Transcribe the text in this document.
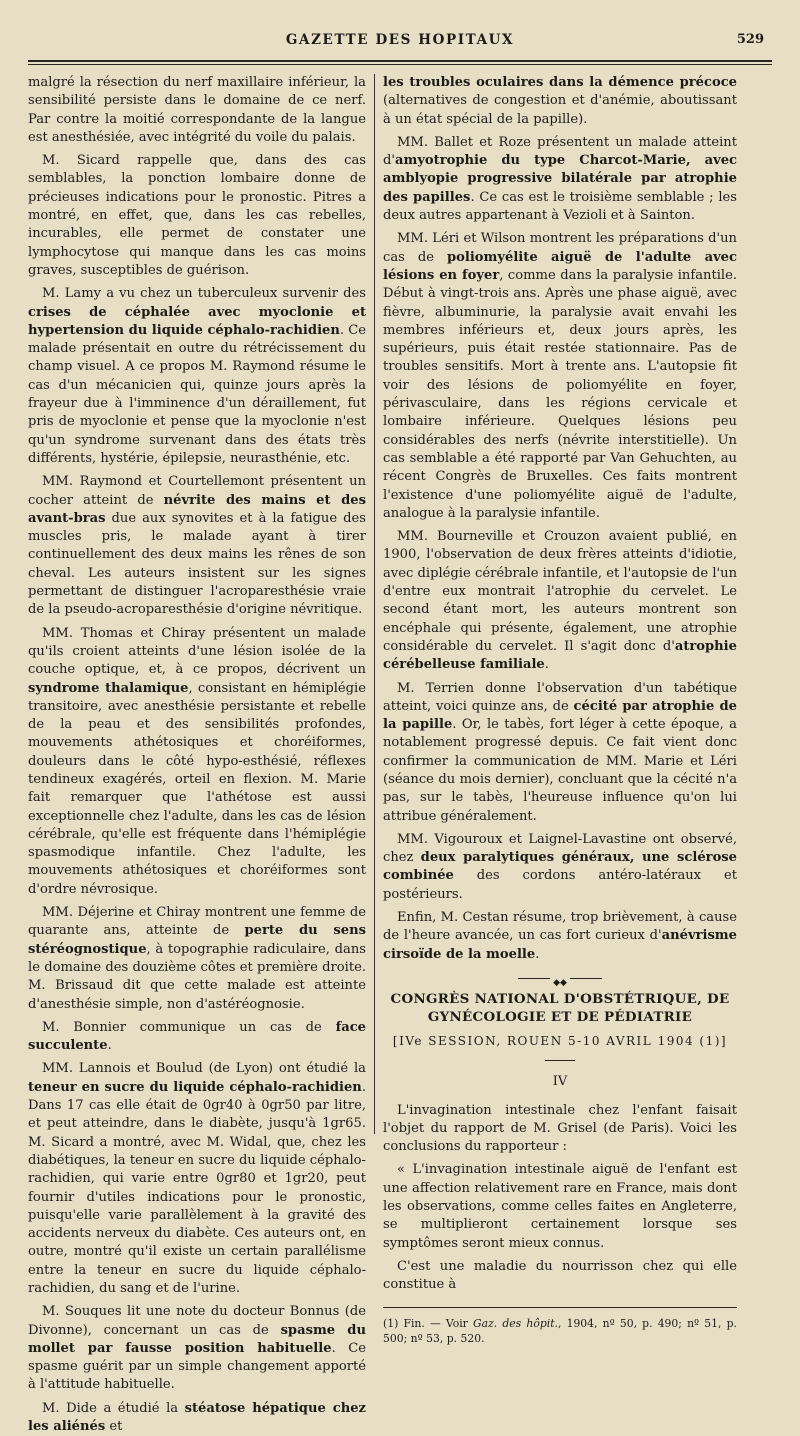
GAZETTE DES HOPITAUX	529

malgré la résection du nerf maxillaire inférieur, la sensibilité persiste dans le domaine de ce nerf. Par contre la moitié correspondante de la langue est anesthésiée, avec intégrité du voile du palais.

M. Sicard rappelle que, dans des cas semblables, la ponction lombaire donne de précieuses indications pour le pronostic. Pitres a montré, en effet, que, dans les cas rebelles, incurables, elle permet de constater une lymphocytose qui manque dans les cas moins graves, susceptibles de guérison.

M. Lamy a vu chez un tuberculeux survenir des crises de céphalée avec myoclonie et hypertension du liquide céphalo-rachidien. Ce malade présentait en outre du rétrécissement du champ visuel. A ce propos M. Raymond résume le cas d'un mécanicien qui, quinze jours après la frayeur due à l'imminence d'un déraillement, fut pris de myoclonie et pense que la myoclonie n'est qu'un syndrome survenant dans des états très différents, hystérie, épilepsie, neurasthénie, etc.

MM. Raymond et Courtellemont présentent un cocher atteint de névrite des mains et des avant-bras due aux synovites et à la fatigue des muscles pris, le malade ayant à tirer continuellement des deux mains les rênes de son cheval. Les auteurs insistent sur les signes permettant de distinguer l'acroparesthésie vraie de la pseudo-acroparesthésie d'origine névritique.

MM. Thomas et Chiray présentent un malade qu'ils croient atteints d'une lésion isolée de la couche optique, et, à ce propos, décrivent un syndrome thalamique, consistant en hémiplégie transitoire, avec anesthésie persistante et rebelle de la peau et des sensibilités profondes, mouvements athétosiques et choréiformes, douleurs dans le côté hypo-esthésié, réflexes tendineux exagérés, orteil en flexion. M. Marie fait remarquer que l'athétose est aussi exceptionnelle chez l'adulte, dans les cas de lésion cérébrale, qu'elle est fréquente dans l'hémiplégie spasmodique infantile. Chez l'adulte, les mouvements athétosiques et choréiformes sont d'ordre névrosique.

MM. Déjerine et Chiray montrent une femme de quarante ans, atteinte de perte du sens stéréognostique, à topographie radiculaire, dans le domaine des douzième côtes et première droite. M. Brissaud dit que cette malade est atteinte d'anesthésie simple, non d'astéréognosie.

M. Bonnier communique un cas de face succulente.

MM. Lannois et Boulud (de Lyon) ont étudié la teneur en sucre du liquide céphalo-rachidien. Dans 17 cas elle était de 0gr40 à 0gr50 par litre, et peut atteindre, dans le diabète, jusqu'à 1gr65. M. Sicard a montré, avec M. Widal, que, chez les diabétiques, la teneur en sucre du liquide céphalo-rachidien, qui varie entre 0gr80 et 1gr20, peut fournir d'utiles indications pour le pronostic, puisqu'elle varie parallèlement à la gravité des accidents nerveux du diabète. Ces auteurs ont, en outre, montré qu'il existe un certain parallélisme entre la teneur en sucre du liquide céphalo-rachidien, du sang et de l'urine.

M. Souques lit une note du docteur Bonnus (de Divonne), concernant un cas de spasme du mollet par fausse position habituelle. Ce spasme guérit par un simple changement apporté à l'attitude habituelle.

M. Dide a étudié la stéatose hépatique chez les aliénés et

les troubles oculaires dans la démence précoce (alternatives de congestion et d'anémie, aboutissant à un état spécial de la papille).

MM. Ballet et Roze présentent un malade atteint d'amyotrophie du type Charcot-Marie, avec amblyopie progressive bilatérale par atrophie des papilles. Ce cas est le troisième semblable ; les deux autres appartenant à Vezioli et à Sainton.

MM. Léri et Wilson montrent les préparations d'un cas de poliomyélite aiguë de l'adulte avec lésions en foyer, comme dans la paralysie infantile. Début à vingt-trois ans. Après une phase aiguë, avec fièvre, albuminurie, la paralysie avait envahi les membres inférieurs et, deux jours après, les supérieurs, puis était restée stationnaire. Pas de troubles sensitifs. Mort à trente ans. L'autopsie fit voir des lésions de poliomyélite en foyer, périvasculaire, dans les régions cervicale et lombaire inférieure. Quelques lésions peu considérables des nerfs (névrite interstitielle). Un cas semblable a été rapporté par Van Gehuchten, au récent Congrès de Bruxelles. Ces faits montrent l'existence d'une poliomyélite aiguë de l'adulte, analogue à la paralysie infantile.

MM. Bourneville et Crouzon avaient publié, en 1900, l'observation de deux frères atteints d'idiotie, avec diplégie cérébrale infantile, et l'autopsie de l'un d'entre eux montrait l'atrophie du cervelet. Le second étant mort, les auteurs montrent son encéphale qui présente, également, une atrophie considérable du cervelet. Il s'agit donc d'atrophie cérébelleuse familiale.

M. Terrien donne l'observation d'un tabétique atteint, voici quinze ans, de cécité par atrophie de la papille. Or, le tabès, fort léger à cette époque, a notablement progressé depuis. Ce fait vient donc confirmer la communication de MM. Marie et Léri (séance du mois dernier), concluant que la cécité n'a pas, sur le tabès, l'heureuse influence qu'on lui attribue généralement.

MM. Vigouroux et Laignel-Lavastine ont observé, chez deux paralytiques généraux, une sclérose combinée des cordons antéro-latéraux et postérieurs.

Enfin, M. Cestan résume, trop brièvement, à cause de l'heure avancée, un cas fort curieux d'anévrisme cirsoïde de la moelle.

◆◆
CONGRÈS NATIONAL D'OBSTÉTRIQUE, DE GYNÉCOLOGIE ET DE PÉDIATRIE
[IVe SESSION, ROUEN 5-10 AVRIL 1904 (1)]
IV

L'invagination intestinale chez l'enfant faisait l'objet du rapport de M. Grisel (de Paris). Voici les conclusions du rapporteur :

« L'invagination intestinale aiguë de l'enfant est une affection relativement rare en France, mais dont les observations, comme celles faites en Angleterre, se multiplieront certainement lorsque ses symptômes seront mieux connus.

C'est une maladie du nourrisson chez qui elle constitue à

(1) Fin. — Voir Gaz. des hôpit., 1904, nº 50, p. 490; nº 51, p. 500; nº 53, p. 520.
